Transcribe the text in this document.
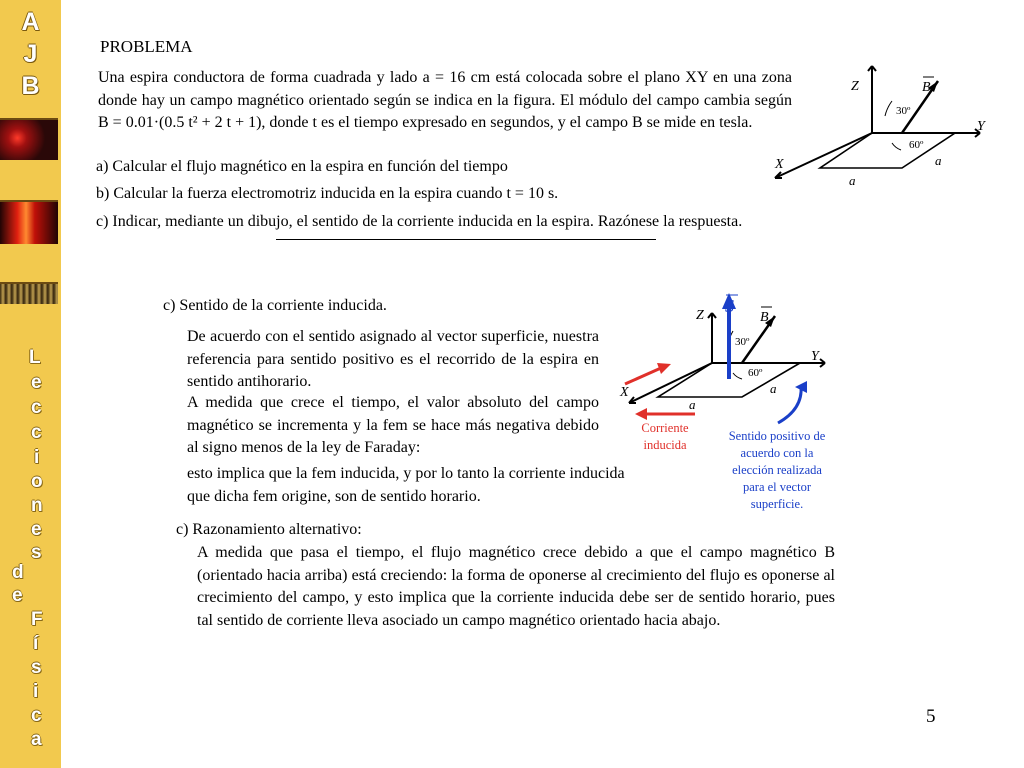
A
J
B
L
e
c
c
i
o
n
e
s
d
e
F
í
s
i
c
a
PROBLEMA
Una espira conductora de forma cuadrada y lado a = 16 cm está colocada sobre el plano XY en una zona donde hay un campo magnético orientado según se indica en la figura. El módulo del campo cambia según B = 0.01·(0.5 t² + 2 t + 1), donde t es el tiempo expresado en segundos, y el campo B se mide en tesla.
a) Calcular el flujo magnético en la espira en función del tiempo
b) Calcular la fuerza electromotriz inducida en la espira cuando t = 10 s.
c) Indicar, mediante un dibujo, el sentido de la corriente inducida en la espira. Razónese la respuesta.
Z
Y
X
B
30º
60º
a
a
c) Sentido de la corriente inducida.
De acuerdo con el sentido asignado al vector superficie, nuestra referencia para sentido positivo es el recorrido de la espira en sentido antihorario.
A medida que crece el tiempo, el valor absoluto del campo magnético se incrementa y la fem se hace más negativa debido al signo menos de la ley de Faraday:
esto implica que la fem inducida, y por lo tanto la corriente inducida que dicha fem origine, son de sentido horario.
S
Z	B
Y
X
30º
60º
a
a
Corriente
inducida
Sentido positivo de
acuerdo con la
elección realizada
para el vector
superficie.
c) Razonamiento alternativo:
A medida que pasa el tiempo, el flujo magnético crece debido a que el campo magnético B (orientado hacia arriba) está creciendo: la forma de oponerse al crecimiento del flujo es oponerse al crecimiento del campo, y esto implica que la corriente inducida debe ser de sentido horario, pues tal sentido de corriente lleva asociado un campo magnético orientado hacia abajo.
5
